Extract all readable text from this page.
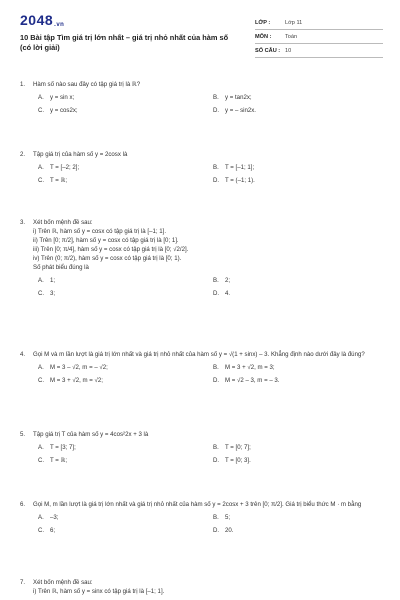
2048.vn
10 Bài tập Tìm giá trị lớn nhất – giá trị nhỏ nhất của hàm số (có lời giải)
LỚP :	Lớp 11
MÔN :	Toán
SỐ CÂU : 10
1.	Hàm số nào sau đây có tập giá trị là ℝ?
A.	y = sin x;	B.	y = tan2x;
C. y = cos2x;	D. y = – sin2x.
2.	Tập giá trị của hàm số y = 2cosx là
A.	T = [–2; 2];	B.	T = [–1; 1];
C. T = ℝ;	D. T = (–1; 1).
3.	Xét bốn mệnh đề sau:
i) Trên ℝ, hàm số y = cosx có tập giá trị là [–1; 1].
ii) Trên [0; π/2], hàm số y = cosx có tập giá trị là [0; 1].
iii) Trên [0; π/4], hàm số y = cosx có tập giá trị là [0; √2/2].
iv) Trên (0; π/2), hàm số y = cosx có tập giá trị là [0; 1).
Số phát biểu đúng là
A.	1;	B.	2;
C. 3;	D. 4.
4.	Gọi M và m lần lượt là giá trị lớn nhất và giá trị nhỏ nhất của hàm số y = √(1 + sinx) – 3. Khẳng định nào dưới đây là đúng?
A.	M = 3 – √2, m = – √2;	B.	M = 3 + √2, m = 3;
C. M = 3 + √2, m = √2;	D. M = √2 – 3, m = – 3.
5.	Tập giá trị T của hàm số y = 4cos²2x + 3 là
A.	T = [3; 7];	B.	T = [0; 7];
C. T = ℝ;	D. T = [0; 3].
6.	Gọi M, m lần lượt là giá trị lớn nhất và giá trị nhỏ nhất của hàm số y = 2cosx + 3 trên [0; π/2]. Giá trị biểu thức M · m bằng
A.	–3;	B.	5;
C. 6;	D. 20.
7.	Xét bốn mệnh đề sau:
i) Trên ℝ, hàm số y = sinx có tập giá trị là [–1; 1].
